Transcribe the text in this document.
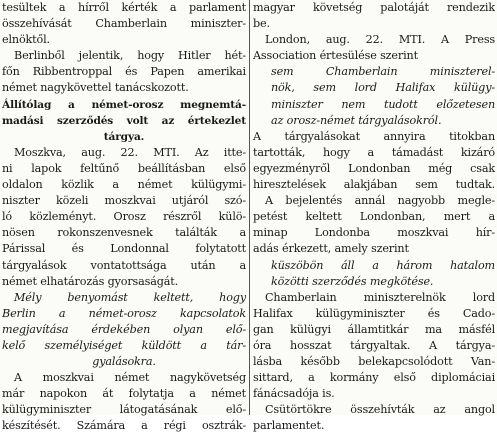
tesültek a hírről kérték a parlament
összehívását Chamberlain miniszter-
elnöktől.
Berlinből jelentik, hogy Hitler hét-
főn Ribbentroppal és Papen amerikai
német nagykövettel tanácskozott.
Állítólag a német-orosz megnemtá-
madási szerződés volt az értekezlet
tárgya.
Moszkva, aug. 22. MTI. Az itte-
ni lapok feltűnő beállításban első
oldalon közlik a német külügymi-
niszter közeli moszkvai utjáról szó-
ló közleményt. Orosz részről külö-
nösen rokonszenvesnek találták a
Párissal és Londonnal folytatott
tárgyalások vontatottsága után a
német elhatározás gyorsaságát.
Mély benyomást keltett, hogy
Berlin a német-orosz kapcsolatok
megjavítása érdekében olyan elő-
kelő személyiséget küldött a tár-
gyalásokra.
A moszkvai német nagykövetség
már napokon át folytatja a német
külügyminiszter látogatásának elő-
készítését. Számára a régi osztrák-
magyar követség palotáját rendezik
be.
London, aug. 22. MTI. A Press
Association értesülése szerint
sem Chamberlain miniszterel-
nök, sem lord Halifax külügy-
miniszter nem tudott előzetesen
az orosz-német tárgyalásokról.
A tárgyalásokat annyira titokban
tartották, hogy a támadást kizáró
egyezményről Londonban még csak
hiresztelések alakjában sem tudtak.
A bejelentés annál nagyobb megle-
petést keltett Londonban, mert a
minap Londonba moszkvai hír-
adás érkezett, amely szerint
küszöbön áll a három hatalom
közötti szerződés megkötése.
Chamberlain miniszterelnök lord
Halifax külügyminiszter és Cado-
gan külügyi államtitkár ma másfél
óra hosszat tárgyaltak. A tárgya-
lásba később belekapcsolódott Van-
sittard, a kormány első diplomáciai
fánácsadója is.
Csütörtökre összehívták az angol
parlamentet.
